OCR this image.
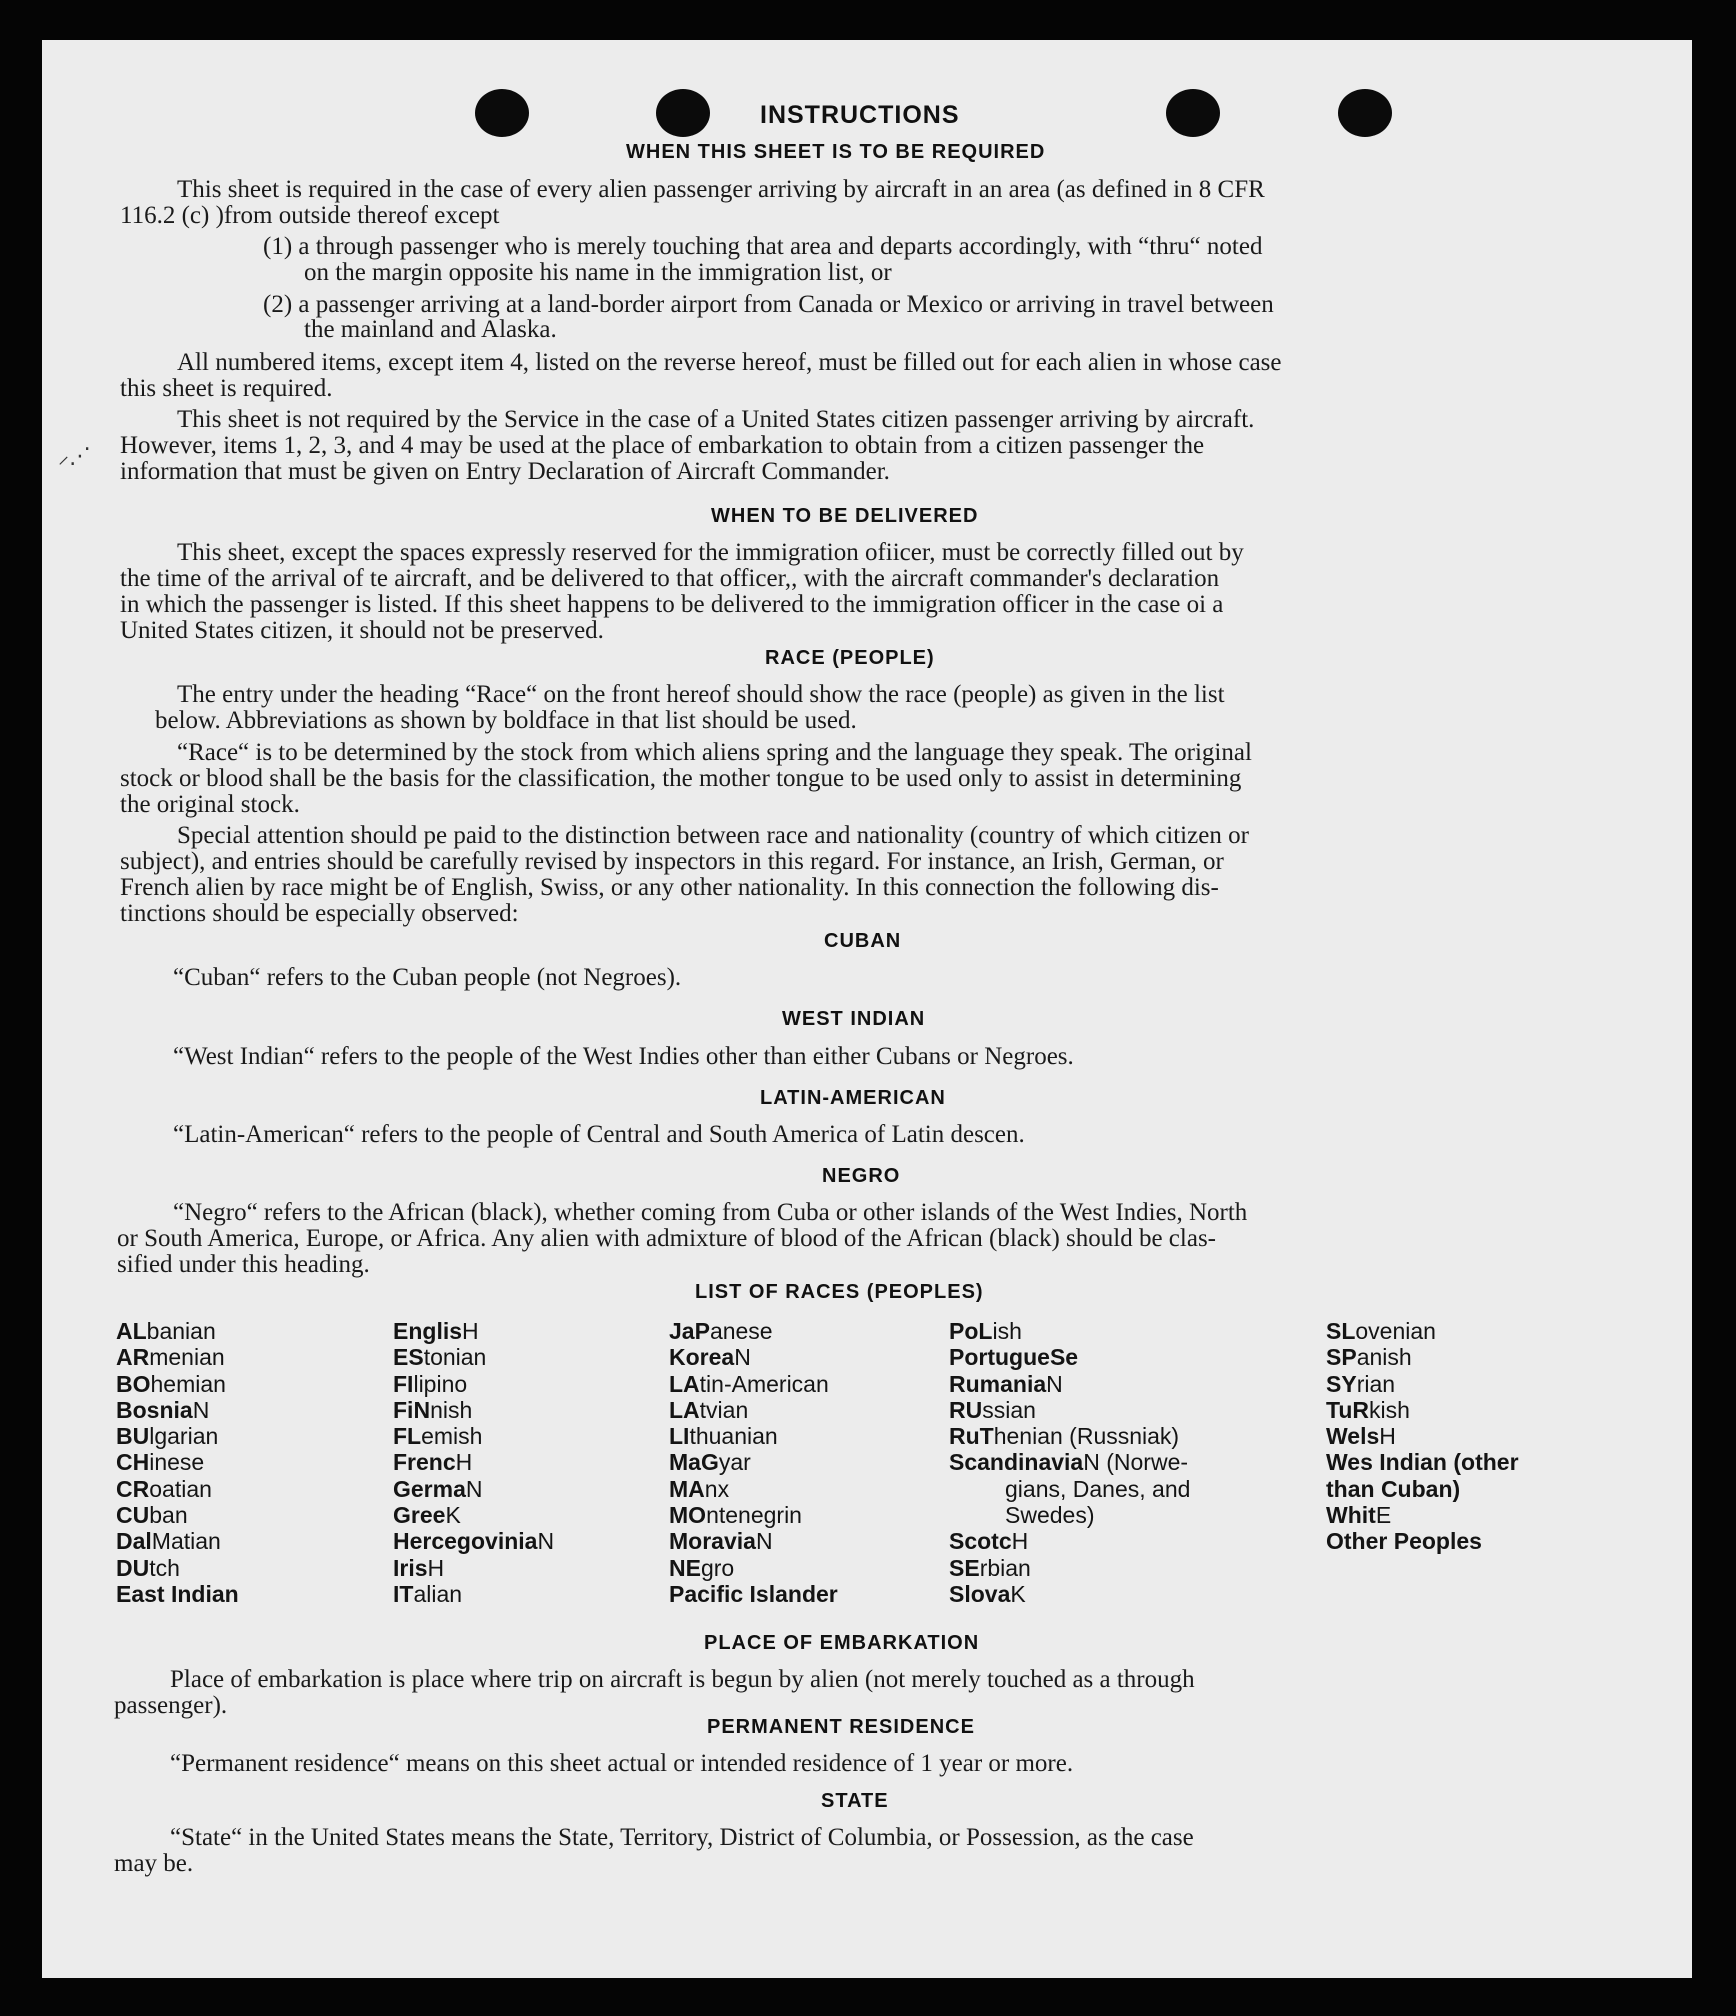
INSTRUCTIONS
WHEN THIS SHEET IS TO BE REQUIRED
This sheet is required in the case of every alien passenger arriving by aircraft in an area (as defined in 8 CFR
116.2 (c) )from outside thereof except
(1) a through passenger who is merely touching that area and departs accordingly, with “thru“ noted
on the margin opposite his name in the immigration list, or
(2) a passenger arriving at a land-border airport from Canada or Mexico or arriving in travel between
the mainland and Alaska.
All numbered items, except item 4, listed on the reverse hereof, must be filled out for each alien in whose case
this sheet is required.
This sheet is not required by the Service in the case of a United States citizen passenger arriving by aircraft.
However, items 1, 2, 3, and 4 may be used at the place of embarkation to obtain from a citizen passenger the
information that must be given on Entry Declaration of Aircraft Commander.
⸝⋰
WHEN TO BE DELIVERED
This sheet, except the spaces expressly reserved for the immigration ofiicer, must be correctly filled out by
the time of the arrival of te aircraft, and be delivered to that officer,, with the aircraft commander's declaration
in which the passenger is listed. If this sheet happens to be delivered to the immigration officer in the case oi a
United States citizen, it should not be preserved.
RACE (PEOPLE)
The entry under the heading “Race“ on the front hereof should show the race (people) as given in the list
below. Abbreviations as shown by boldface in that list should be used.
“Race“ is to be determined by the stock from which aliens spring and the language they speak. The original
stock or blood shall be the basis for the classification, the mother tongue to be used only to assist in determining
the original stock.
Special attention should pe paid to the distinction between race and nationality (country of which citizen or
subject), and entries should be carefully revised by inspectors in this regard. For instance, an Irish, German, or
French alien by race might be of English, Swiss, or any other nationality. In this connection the following dis-
tinctions should be especially observed:
CUBAN
“Cuban“ refers to the Cuban people (not Negroes).
WEST INDIAN
“West Indian“ refers to the people of the West Indies other than either Cubans or Negroes.
LATIN-AMERICAN
“Latin-American“ refers to the people of Central and South America of Latin descen.
NEGRO
“Negro“ refers to the African (black), whether coming from Cuba or other islands of the West Indies, North
or South America, Europe, or Africa. Any alien with admixture of blood of the African (black) should be clas-
sified under this heading.
LIST OF RACES (PEOPLES)
ALbanian
ARmenian
BOhemian
BosniaN
BUlgarian
CHinese
CRoatian
CUban
DalMatian
DUtch
East Indian
EnglisH
EStonian
FIlipino
FiNnish
FLemish
FrencH
GermaN
GreeK
HercegoviniaN
IrisH
ITalian
JaPanese
KoreaN
LAtin-American
LAtvian
LIthuanian
MaGyar
MAnx
MOntenegrin
MoraviaN
NEgro
Pacific Islander
PoLish
PortugueSe
RumaniaN
RUssian
RuThenian (Russniak)
ScandinaviaN (Norwe-
gians, Danes, and
Swedes)
ScotcH
SErbian
SlovaK
SLovenian
SPanish
SYrian
TuRkish
WelsH
Wes Indian (other
than Cuban)
WhitE
Other Peoples
PLACE OF EMBARKATION
Place of embarkation is place where trip on aircraft is begun by alien (not merely touched as a through
passenger).
PERMANENT RESIDENCE
“Permanent residence“ means on this sheet actual or intended residence of 1 year or more.
STATE
“State“ in the United States means the State, Territory, District of Columbia, or Possession, as the case
may be.
